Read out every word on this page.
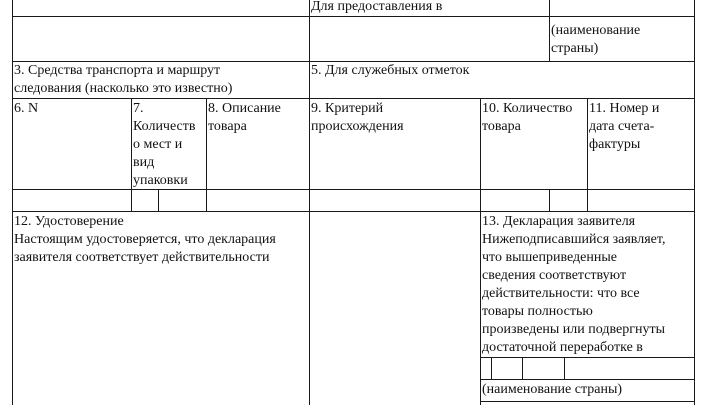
Для предоставления в

(наименование
страны)

3. Средства транспорта и маршрут
следования (насколько это известно)

5. Для служебных отметок

6. N	7.
Количеств
о мест и
вид
упаковки

8. Описание
товара

9. Критерий
происхождения

10. Количество
товара

11. Номер и
дата счета-
фактуры

12. Удостоверение

Настоящим удостоверяется, что декларация
заявителя соответствует действительности

13. Декларация заявителя

Нижеподписавшийся заявляет,
что вышеприведенные
сведения соответствуют
действительности: что все
товары полностью
произведены или подвергнуты
достаточной переработке в

(наименование страны)
